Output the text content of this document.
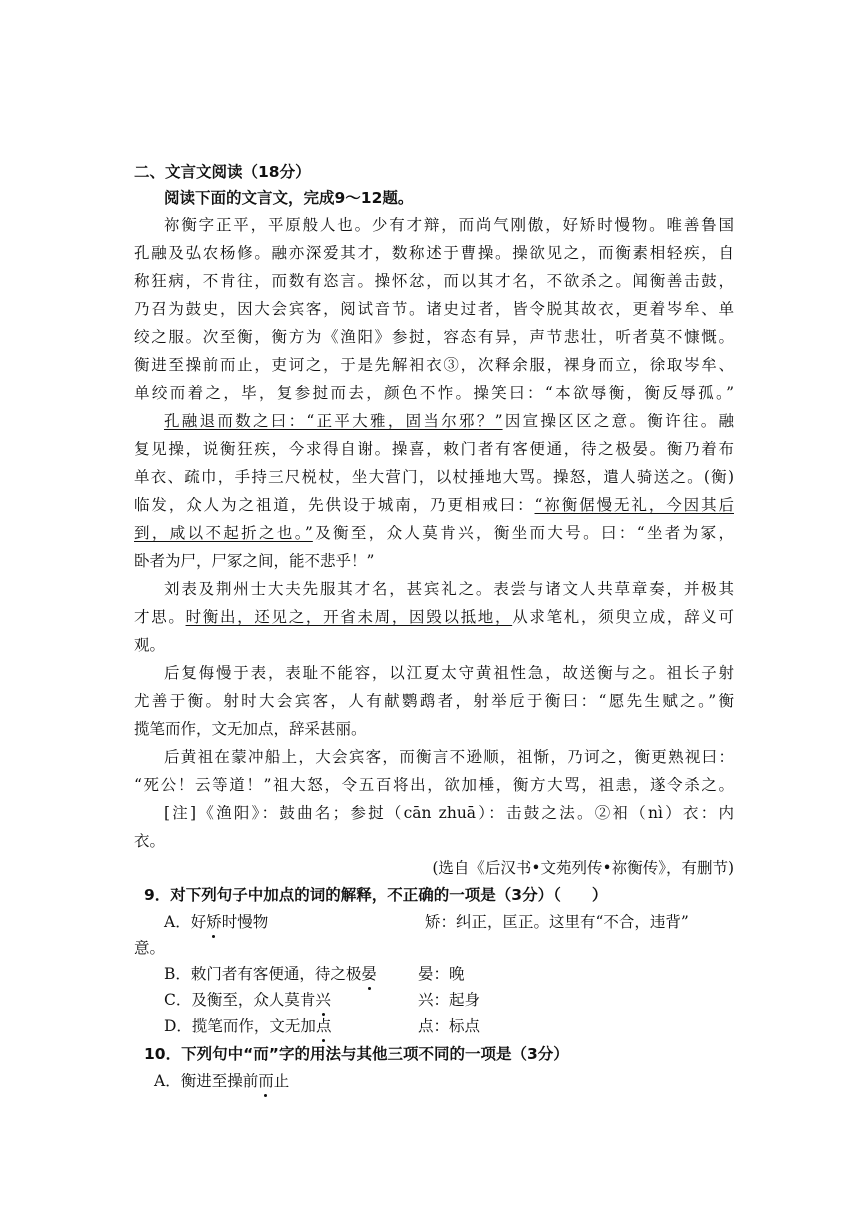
二、文言文阅读（18分）
阅读下面的文言文，完成9～12题。
祢衡字正平，平原般人也。少有才辩，而尚气刚傲，好矫时慢物。唯善鲁国
孔融及弘农杨修。融亦深爱其才，数称述于曹操。操欲见之，而衡素相轻疾，自
称狂病，不肯往，而数有恣言。操怀忿，而以其才名，不欲杀之。闻衡善击鼓，
乃召为鼓史，因大会宾客，阅试音节。诸史过者，皆令脱其故衣，更着岑牟、单
绞之服。次至衡，衡方为《渔阳》参挝，容态有异，声节悲壮，听者莫不慷慨。
衡进至操前而止，吏诃之，于是先解衵衣③，次释余服，裸身而立，徐取岑牟、
单绞而着之，毕，复参挝而去，颜色不怍。操笑曰：“本欲辱衡，衡反辱孤。”
孔融退而数之曰：“正平大雅，固当尔邪？”因宣操区区之意。衡许往。融
复见操，说衡狂疾，今求得自谢。操喜，敕门者有客便通，待之极晏。衡乃着布
单衣、疏巾，手持三尺棁杖，坐大营门，以杖捶地大骂。操怒，遣人骑送之。(衡)
临发，众人为之祖道，先供设于城南，乃更相戒曰：“祢衡倨慢无礼，今因其后
到，咸以不起折之也。”及衡至，众人莫肯兴，衡坐而大号。曰：“坐者为冢，
卧者为尸，尸冢之间，能不悲乎！”
刘表及荆州士大夫先服其才名，甚宾礼之。表尝与诸文人共草章奏，并极其
才思。时衡出，还见之，开省未周，因毁以抵地，从求笔札，须臾立成，辞义可
观。
后复侮慢于表，表耻不能容，以江夏太守黄祖性急，故送衡与之。祖长子射
尤善于衡。射时大会宾客，人有献鹦鹉者，射举卮于衡曰：“愿先生赋之。”衡
揽笔而作，文无加点，辞采甚丽。
后黄祖在蒙冲船上，大会宾客，而衡言不逊顺，祖惭，乃诃之，衡更熟视曰：
“死公！云等道！”祖大怒，令五百将出，欲加棰，衡方大骂，祖恚，遂令杀之。
[注]《渔阳》：鼓曲名；参挝（cān zhuā）：击鼓之法。②衵（nì）衣：内
衣。
(选自《后汉书•文苑列传•祢衡传》，有删节)
9．对下列句子中加点的词的解释，不正确的一项是（3分）（　　）
A．好矫时慢物	矫：纠正，匡正。这里有“不合，违背”
意。
B．敕门者有客便通，待之极晏	晏：晚
C．及衡至，众人莫肯兴	兴：起身
D．揽笔而作，文无加点	点：标点
10．下列句中“而”字的用法与其他三项不同的一项是（3分）
A．衡进至操前而止
